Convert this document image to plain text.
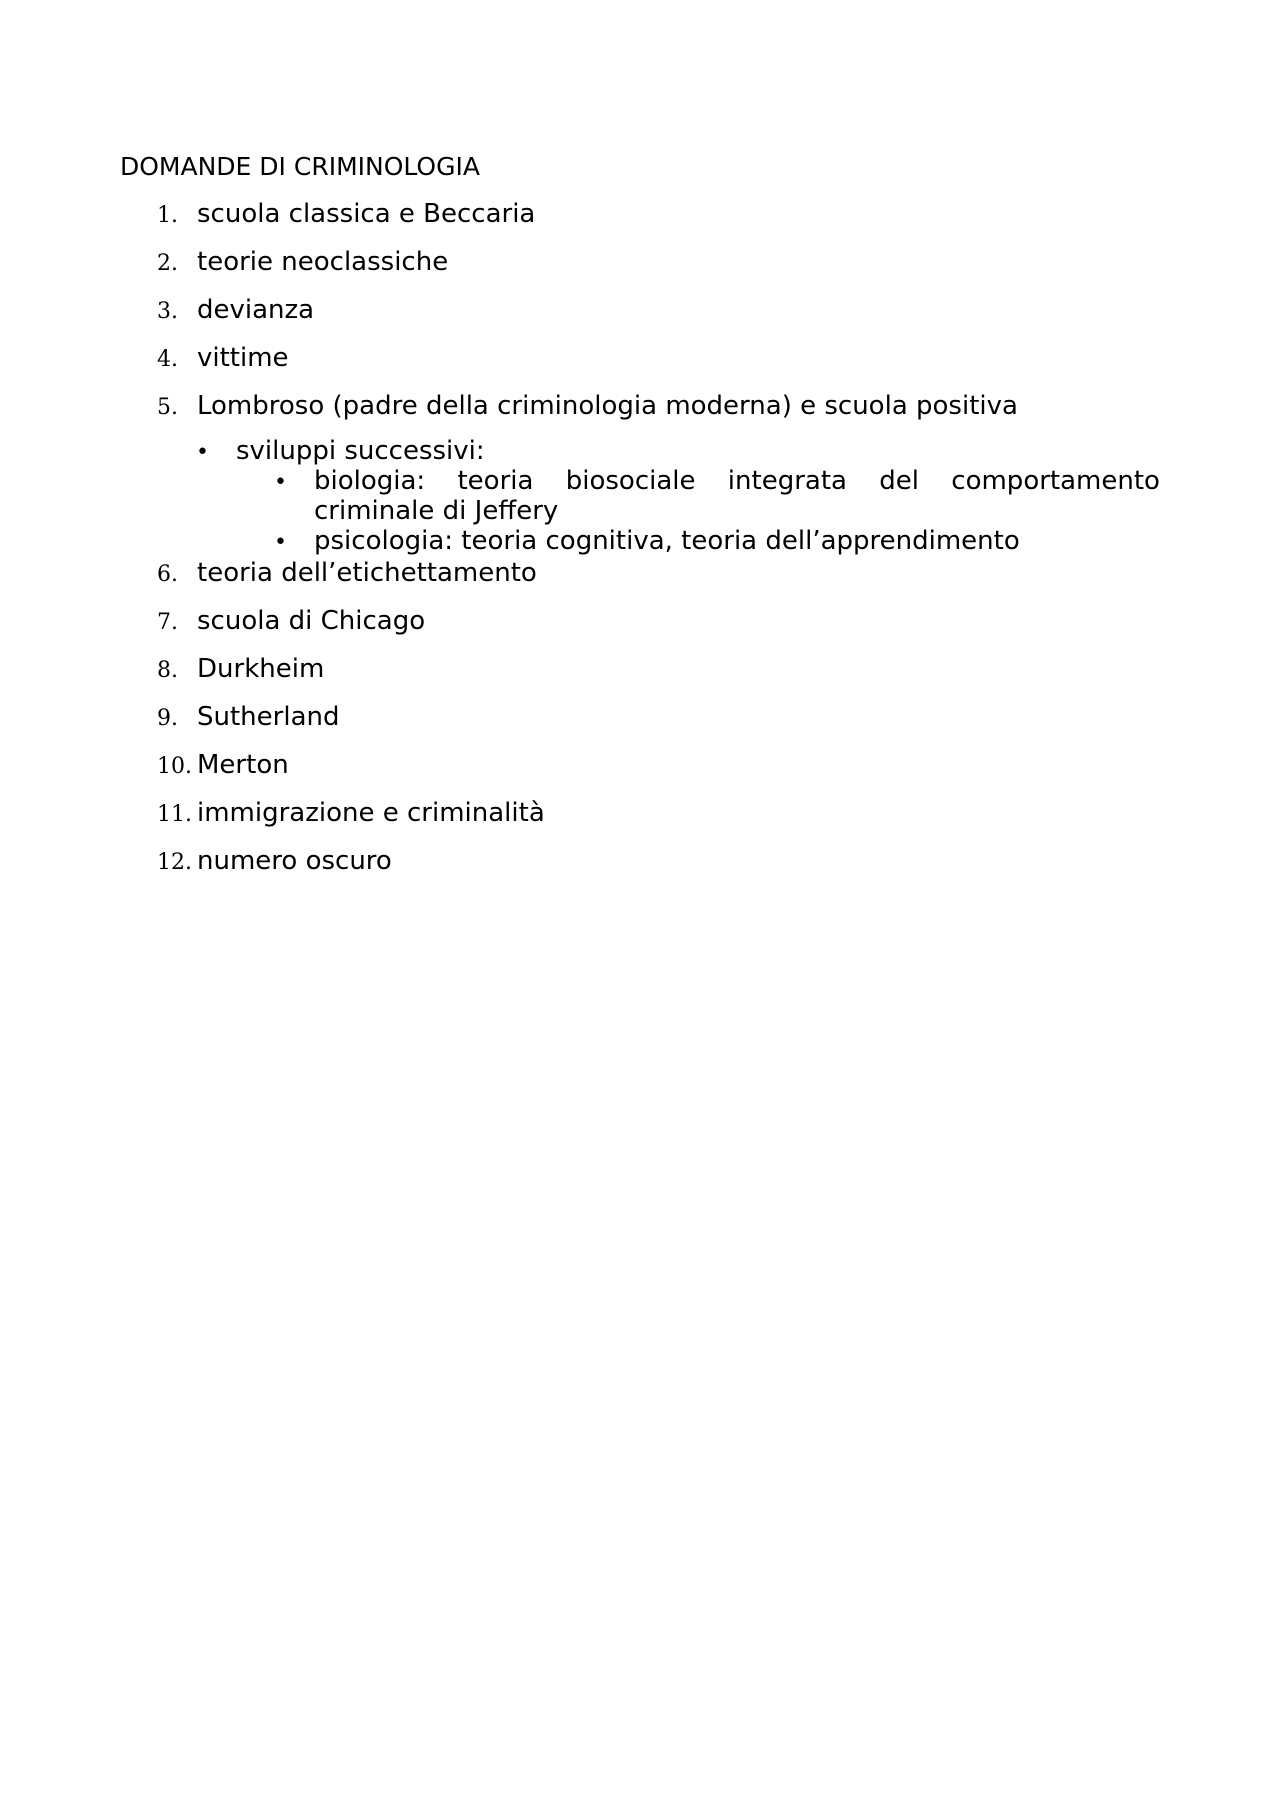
DOMANDE DI CRIMINOLOGIA
1. scuola classica e Beccaria
2. teorie neoclassiche
3. devianza
4. vittime
5. Lombroso (padre della criminologia moderna) e scuola positiva
• sviluppi successivi:
• biologia: teoria biosociale integrata del comportamento
criminale di Jeffery
• psicologia: teoria cognitiva, teoria dell’apprendimento
6. teoria dell’etichettamento
7. scuola di Chicago
8. Durkheim
9. Sutherland
10. Merton
11. immigrazione e criminalità
12. numero oscuro
